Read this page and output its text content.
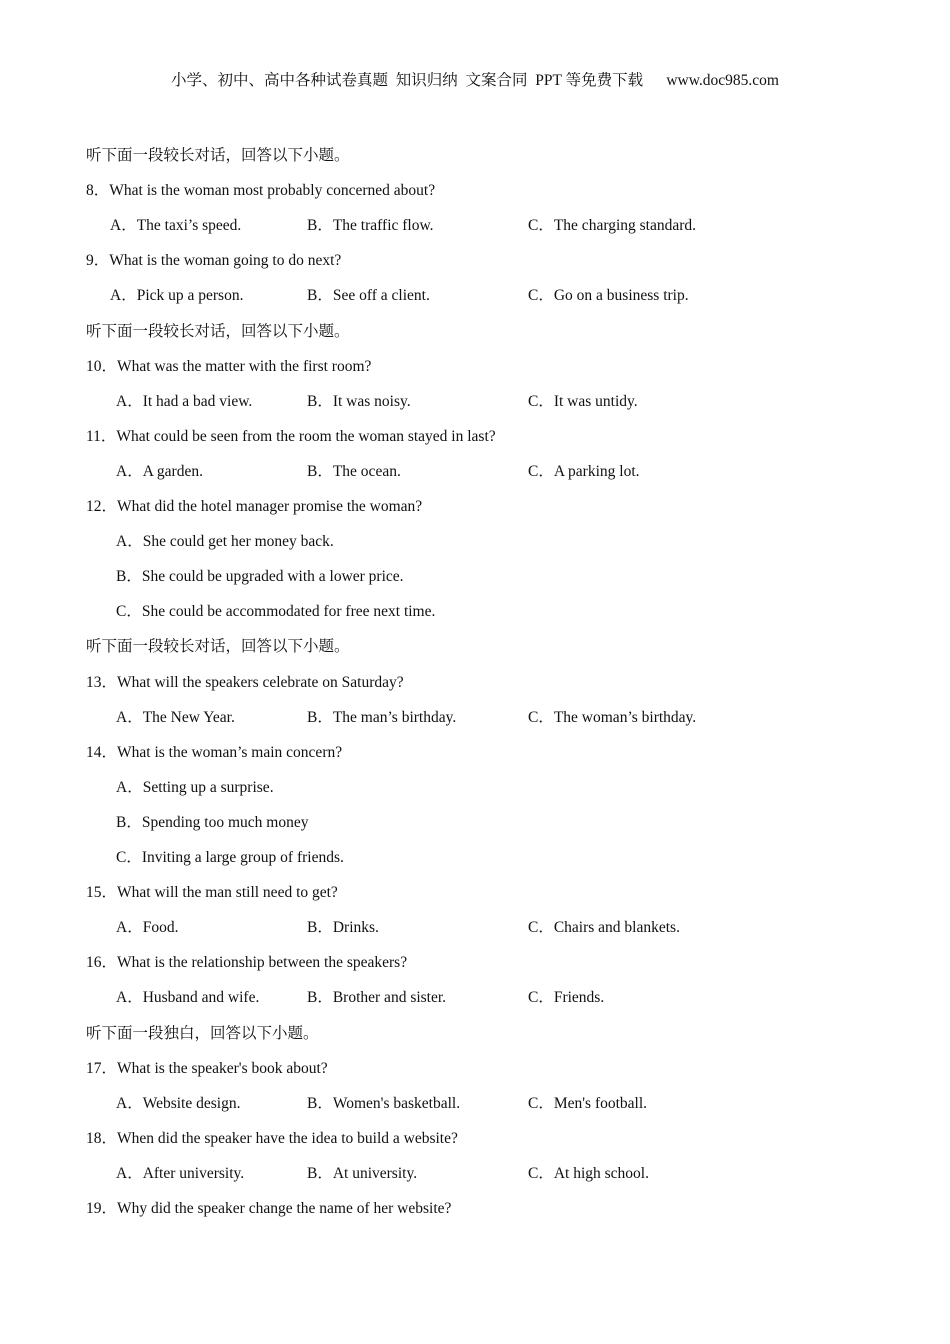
小学、初中、高中各种试卷真题  知识归纳  文案合同  PPT 等免费下载      www.doc985.com
听下面一段较长对话，回答以下小题。
8．What is the woman most probably concerned about?
A．The taxi’s speed.	B．The traffic flow.	C．The charging standard.
9．What is the woman going to do next?
A．Pick up a person.	B．See off a client.	C．Go on a business trip.
听下面一段较长对话，回答以下小题。
10．What was the matter with the first room?
A．It had a bad view.	B．It was noisy.	C．It was untidy.
11．What could be seen from the room the woman stayed in last?
A．A garden.	B．The ocean.	C．A parking lot.
12．What did the hotel manager promise the woman?
A．She could get her money back.
B．She could be upgraded with a lower price.
C．She could be accommodated for free next time.
听下面一段较长对话，回答以下小题。
13．What will the speakers celebrate on Saturday?
A．The New Year.	B．The man’s birthday.	C．The woman’s birthday.
14．What is the woman’s main concern?
A．Setting up a surprise.
B．Spending too much money
C．Inviting a large group of friends.
15．What will the man still need to get?
A．Food.	B．Drinks.	C．Chairs and blankets.
16．What is the relationship between the speakers?
A．Husband and wife.	B．Brother and sister.	C．Friends.
听下面一段独白，回答以下小题。
17．What is the speaker's book about?
A．Website design.	B．Women's basketball.	C．Men's football.
18．When did the speaker have the idea to build a website?
A．After university.	B．At university.	C．At high school.
19．Why did the speaker change the name of her website?
